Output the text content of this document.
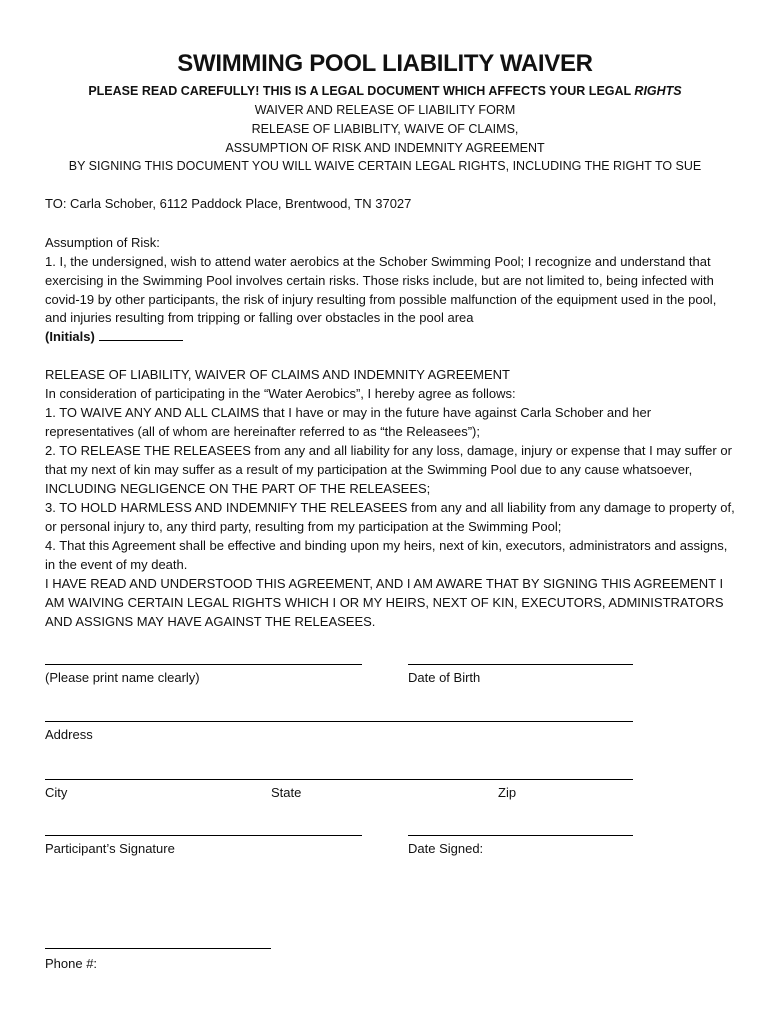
SWIMMING POOL LIABILITY WAIVER
PLEASE READ CAREFULLY! THIS IS A LEGAL DOCUMENT WHICH AFFECTS YOUR LEGAL RIGHTS
WAIVER AND RELEASE OF LIABILITY FORM
RELEASE OF LIABIBLITY, WAIVE OF CLAIMS,
ASSUMPTION OF RISK AND INDEMNITY AGREEMENT
BY SIGNING THIS DOCUMENT YOU WILL WAIVE CERTAIN LEGAL RIGHTS, INCLUDING THE RIGHT TO SUE
TO: Carla Schober, 6112 Paddock Place, Brentwood, TN 37027
Assumption of Risk:
1. I, the undersigned, wish to attend water aerobics at the Schober Swimming Pool; I recognize and understand that exercising in the Swimming Pool involves certain risks. Those risks include, but are not limited to, being infected with covid-19 by other participants, the risk of injury resulting from possible malfunction of the equipment used in the pool, and injuries resulting from tripping or falling over obstacles in the pool area
(Initials)
RELEASE OF LIABILITY, WAIVER OF CLAIMS AND INDEMNITY AGREEMENT
In consideration of participating in the “Water Aerobics”, I hereby agree as follows:
1. TO WAIVE ANY AND ALL CLAIMS that I have or may in the future have against Carla Schober and her representatives (all of whom are hereinafter referred to as “the Releasees”);
2. TO RELEASE THE RELEASEES from any and all liability for any loss, damage, injury or expense that I may suffer or that my next of kin may suffer as a result of my participation at the Swimming Pool due to any cause whatsoever, INCLUDING NEGLIGENCE ON THE PART OF THE RELEASEES;
3. TO HOLD HARMLESS AND INDEMNIFY THE RELEASEES from any and all liability from any damage to property of, or personal injury to, any third party, resulting from my participation at the Swimming Pool;
4. That this Agreement shall be effective and binding upon my heirs, next of kin, executors, administrators and assigns, in the event of my death.
I HAVE READ AND UNDERSTOOD THIS AGREEMENT, AND I AM AWARE THAT BY SIGNING THIS AGREEMENT I AM WAIVING CERTAIN LEGAL RIGHTS WHICH I OR MY HEIRS, NEXT OF KIN, EXECUTORS, ADMINISTRATORS AND ASSIGNS MAY HAVE AGAINST THE RELEASEES.
(Please print name clearly)	Date of Birth
Address
City	State	Zip
Participant’s Signature	Date Signed:
Phone #:
